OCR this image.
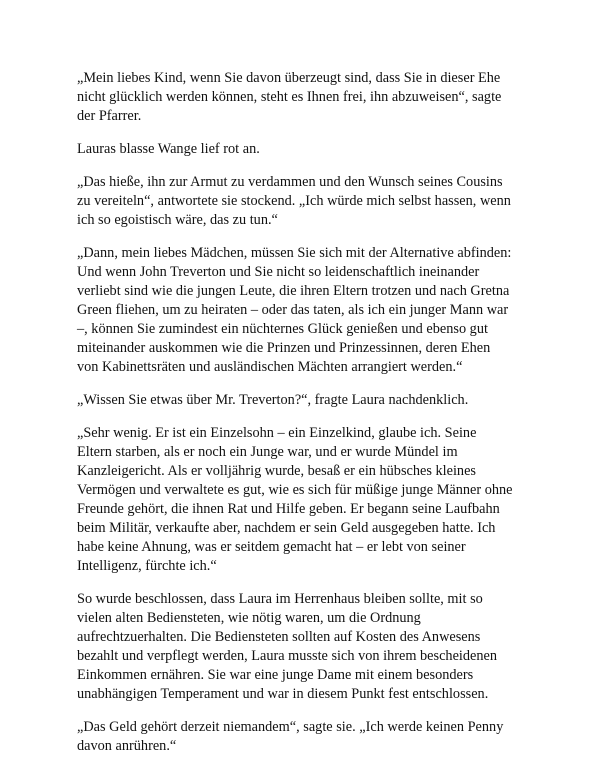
„Mein liebes Kind, wenn Sie davon überzeugt sind, dass Sie in dieser Ehe
nicht glücklich werden können, steht es Ihnen frei, ihn abzuweisen“, sagte
der Pfarrer.

Lauras blasse Wange lief rot an.

„Das hieße, ihn zur Armut zu verdammen und den Wunsch seines Cousins
zu vereiteln“, antwortete sie stockend. „Ich würde mich selbst hassen, wenn
ich so egoistisch wäre, das zu tun.“

„Dann, mein liebes Mädchen, müssen Sie sich mit der Alternative abfinden:
Und wenn John Treverton und Sie nicht so leidenschaftlich ineinander
verliebt sind wie die jungen Leute, die ihren Eltern trotzen und nach Gretna
Green fliehen, um zu heiraten – oder das taten, als ich ein junger Mann war
–, können Sie zumindest ein nüchternes Glück genießen und ebenso gut
miteinander auskommen wie die Prinzen und Prinzessinnen, deren Ehen
von Kabinettsräten und ausländischen Mächten arrangiert werden.“

„Wissen Sie etwas über Mr. Treverton?“, fragte Laura nachdenklich.

„Sehr wenig. Er ist ein Einzelsohn – ein Einzelkind, glaube ich. Seine
Eltern starben, als er noch ein Junge war, und er wurde Mündel im
Kanzleigericht. Als er volljährig wurde, besaß er ein hübsches kleines
Vermögen und verwaltete es gut, wie es sich für müßige junge Männer ohne
Freunde gehört, die ihnen Rat und Hilfe geben. Er begann seine Laufbahn
beim Militär, verkaufte aber, nachdem er sein Geld ausgegeben hatte. Ich
habe keine Ahnung, was er seitdem gemacht hat – er lebt von seiner
Intelligenz, fürchte ich.“

So wurde beschlossen, dass Laura im Herrenhaus bleiben sollte, mit so
vielen alten Bediensteten, wie nötig waren, um die Ordnung
aufrechtzuerhalten. Die Bediensteten sollten auf Kosten des Anwesens
bezahlt und verpflegt werden, Laura musste sich von ihrem bescheidenen
Einkommen ernähren. Sie war eine junge Dame mit einem besonders
unabhängigen Temperament und war in diesem Punkt fest entschlossen.

„Das Geld gehört derzeit niemandem“, sagte sie. „Ich werde keinen Penny
davon anrühren.“
